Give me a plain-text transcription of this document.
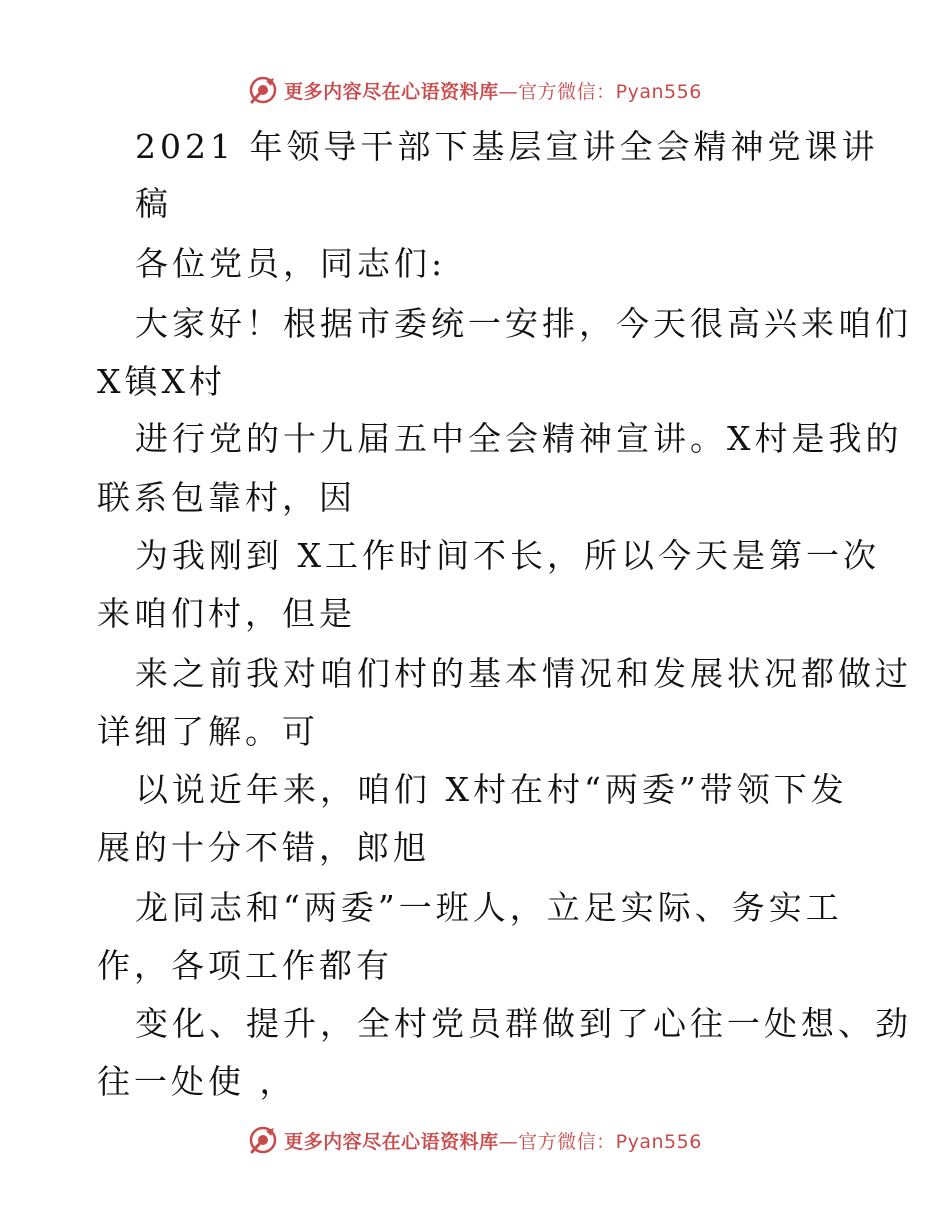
更多内容尽在心语资料库—官方微信：Pyan556
2021 年领导干部下基层宣讲全会精神党课讲
稿
各位党员，同志们:
大家好！根据市委统一安排，今天很高兴来咱们
X镇X村
进行党的十九届五中全会精神宣讲。X村是我的
联系包靠村，因
为我刚到 X工作时间不长，所以今天是第一次
来咱们村，但是
来之前我对咱们村的基本情况和发展状况都做过
详细了解。可
以说近年来，咱们 X村在村“两委”带领下发
展的十分不错，郎旭
龙同志和“两委”一班人，立足实际、务实工
作，各项工作都有
变化、提升，全村党员群做到了心往一处想、劲
往一处使 ，
更多内容尽在心语资料库—官方微信：Pyan556
